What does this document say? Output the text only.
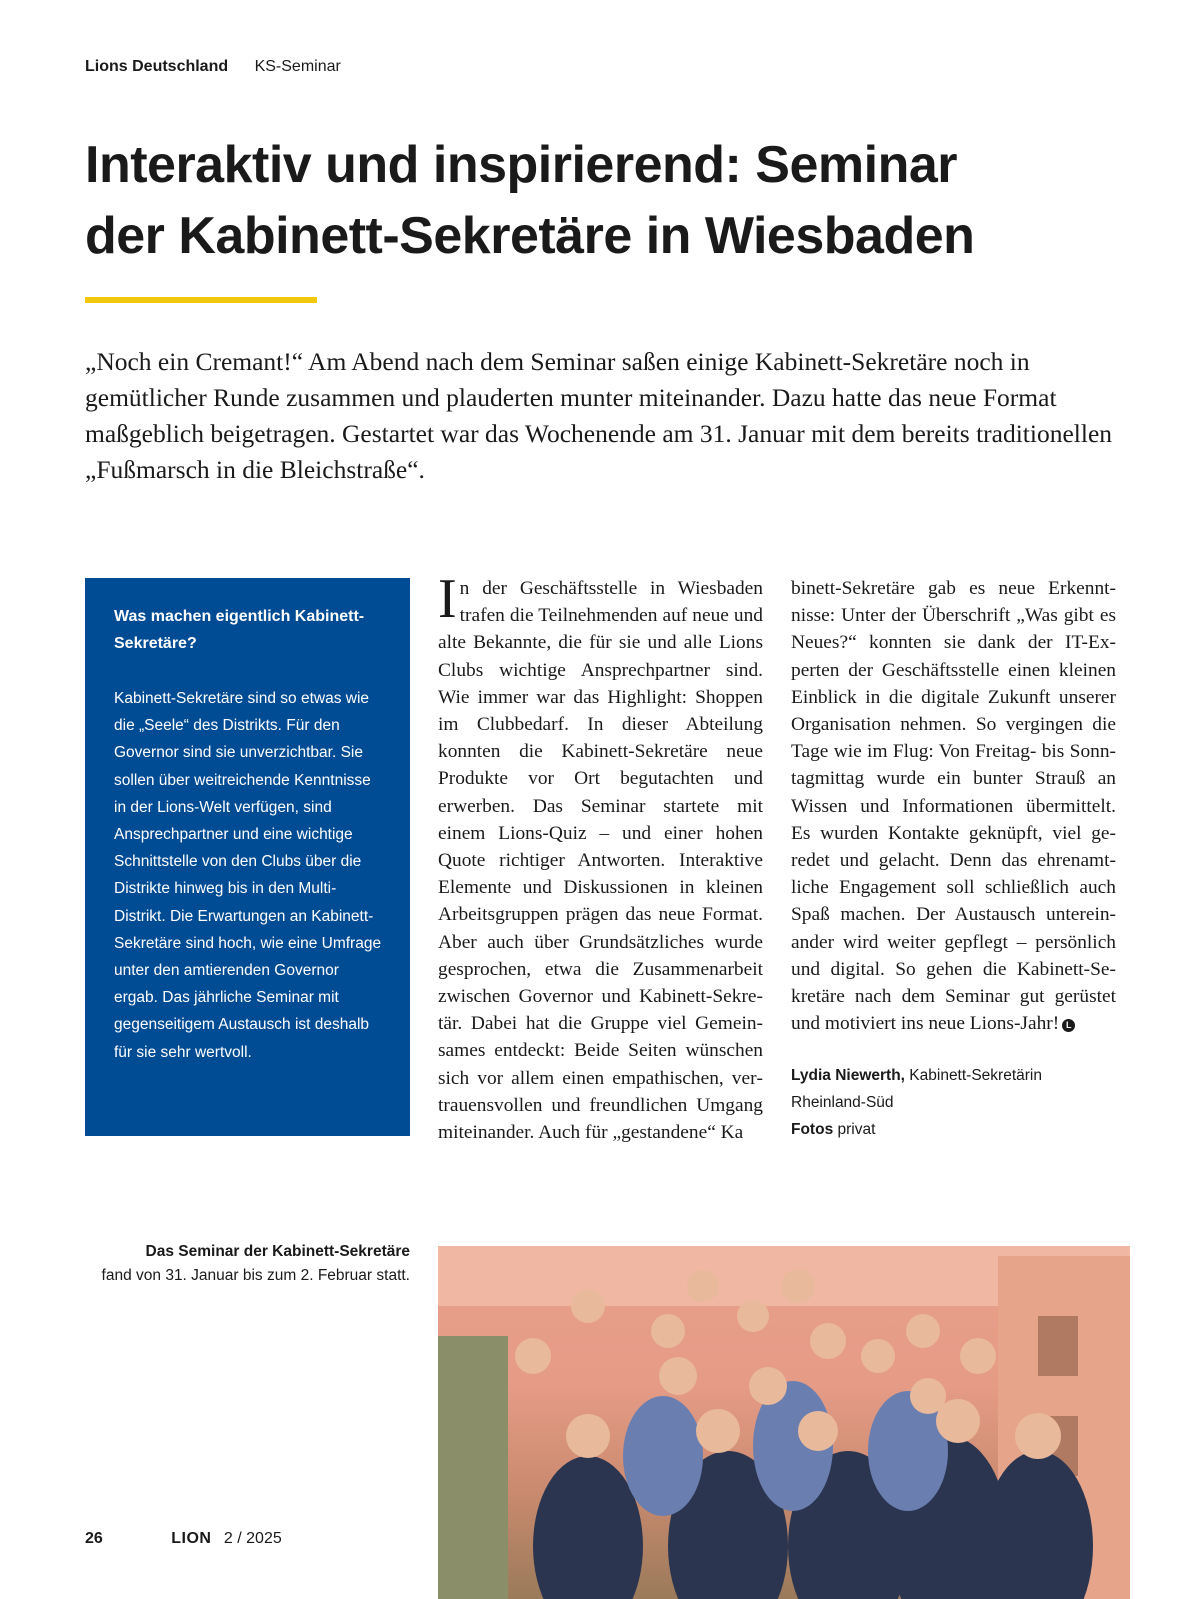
Lions Deutschland KS-Seminar
Interaktiv und inspirierend: Seminar
der Kabinett-Sekretäre in Wiesbaden

„Noch ein Cremant!“ Am Abend nach dem Seminar saßen einige Kabinett-Sekretäre noch in gemütlicher Runde zusammen und plauderten munter miteinander. Dazu hatte das neue Format maßgeblich beigetragen. Gestartet war das Wochenende am 31. Januar mit dem bereits traditionellen „Fußmarsch in die Bleichstraße“.

Was machen eigentlich Kabinett-Sekretäre?

Kabinett-Sekretäre sind so etwas wie die „Seele“ des Distrikts. Für den Governor sind sie unverzichtbar. Sie sollen über weitreichende Kenntnisse in der Lions-Welt verfügen, sind Ansprechpartner und eine wichtige Schnittstelle von den Clubs über die Distrikte hinweg bis in den Multi-Distrikt. Die Erwartungen an Kabinett-Sekretäre sind hoch, wie eine Umfrage unter den amtierenden Governor ergab. Das jährliche Seminar mit gegenseitigem Austausch ist deshalb für sie sehr wertvoll.

In der Geschäftsstelle in Wiesbaden trafen die Teilnehmenden auf neue und alte Bekannte, die für sie und alle Lions Clubs wichtige Ansprechpartner sind. Wie immer war das Highlight: Shoppen im Clubbedarf. In dieser Abteilung konnten die Kabinett-Sekretäre neue Produkte vor Ort begutachten und erwerben. Das Seminar startete mit einem Lions-Quiz – und einer hohen Quote richtiger Antworten. Interaktive Elemente und Diskussionen in kleinen Arbeitsgruppen prägen das neue Format. Aber auch über Grundsätzliches wurde gesprochen, etwa die Zusammenarbeit zwischen Governor und Kabinett-Sekretär. Dabei hat die Gruppe viel Gemeinsames entdeckt: Beide Seiten wünschen sich vor allem einen empathischen, vertrauensvollen und freundlichen Umgang miteinander. Auch für „gestandene“ Ka
binett-Sekretäre gab es neue Erkenntnisse: Unter der Überschrift „Was gibt es Neues?“ konnten sie dank der IT-Experten der Geschäftsstelle einen kleinen Einblick in die digitale Zukunft unserer Organisation nehmen. So vergingen die Tage wie im Flug: Von Freitag- bis Sonntagmittag wurde ein bunter Strauß an Wissen und Informationen übermittelt. Es wurden Kontakte geknüpft, viel geredet und gelacht. Denn das ehrenamtliche Engagement soll schließlich auch Spaß machen. Der Austausch untereinander wird weiter gepflegt – persönlich und digital. So gehen die Kabinett-Sekretäre nach dem Seminar gut gerüstet und motiviert ins neue Lions-Jahr! L
Lydia Niewerth, Kabinett-Sekretärin Rheinland-Süd
Fotos privat
Das Seminar der Kabinett-Sekretäre
fand von 31. Januar bis zum 2. Februar statt.
26	LION 2 / 2025
